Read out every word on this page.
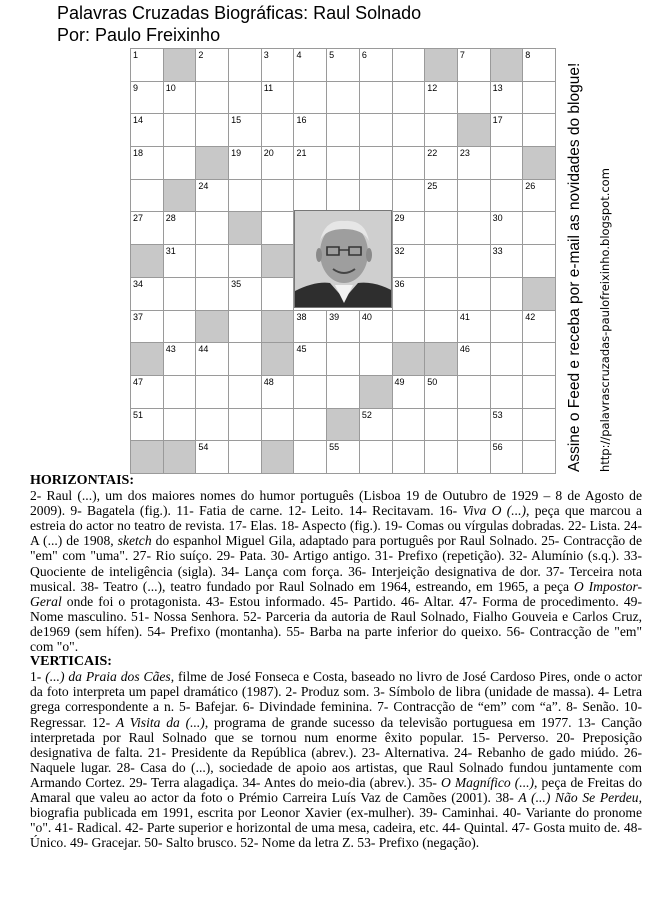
Palavras Cruzadas Biográficas: Raul Solnado
Por: Paulo Freixinho
1	2	3	4	5	6	7	8
9	10	11	12	13
14	15	16	17
18	19	20	21	22	23
24	25	26
27	28	29	30
31	32	33
34	35	36
37	38	39	40	41	42
43	44	45	46
47	48	49	50
51	52	53
54	55	56	Assine o Feed e receba por e-mail as novidades do blogue! http://palavrascruzadas-paulofreixinho.blogspot.com
HORIZONTAIS:
2- Raul (...), um dos maiores nomes do humor português (Lisboa 19 de Outubro de 1929 – 8 de Agosto de 2009). 9- Bagatela (fig.). 11- Fatia de carne. 12- Leito. 14- Recitavam. 16- Viva O (...), peça que marcou a estreia do actor no teatro de revista. 17- Elas. 18- Aspecto (fig.). 19- Comas ou vírgulas dobradas. 22- Lista. 24- A (...) de 1908, sketch do espanhol Miguel Gila, adaptado para português por Raul Solnado. 25- Contracção de "em" com "uma". 27- Rio suíço. 29- Pata. 30- Artigo antigo. 31- Prefixo (repetição). 32- Alumínio (s.q.). 33- Quociente de inteligência (sigla). 34- Lança com força. 36- Interjeição designativa de dor. 37- Terceira nota musical. 38- Teatro (...), teatro fundado por Raul Solnado em 1964, estreando, em 1965, a peça O Impostor-Geral onde foi o protagonista. 43- Estou informado. 45- Partido. 46- Altar. 47- Forma de procedimento. 49- Nome masculino. 51- Nossa Senhora. 52- Parceria da autoria de Raul Solnado, Fialho Gouveia e Carlos Cruz, de1969 (sem hífen). 54- Prefixo (montanha). 55- Barba na parte inferior do queixo. 56- Contracção de "em" com "o".
VERTICAIS:
1- (...) da Praia dos Cães, filme de José Fonseca e Costa, baseado no livro de José Cardoso Pires, onde o actor da foto interpreta um papel dramático (1987). 2- Produz som. 3- Símbolo de libra (unidade de massa). 4- Letra grega correspondente a n. 5- Bafejar. 6- Divindade feminina. 7- Contracção de “em” com “a”. 8- Senão. 10- Regressar. 12- A Visita da (...), programa de grande sucesso da televisão portuguesa em 1977. 13- Canção interpretada por Raul Solnado que se tornou num enorme êxito popular. 15- Perverso. 20- Preposição designativa de falta. 21- Presidente da República (abrev.). 23- Alternativa. 24- Rebanho de gado miúdo. 26- Naquele lugar. 28- Casa do (...), sociedade de apoio aos artistas, que Raul Solnado fundou juntamente com Armando Cortez. 29- Terra alagadiça. 34- Antes do meio-dia (abrev.). 35- O Magnífico (...), peça de Freitas do Amaral que valeu ao actor da foto o Prémio Carreira Luís Vaz de Camões (2001). 38- A (...) Não Se Perdeu, biografia publicada em 1991, escrita por Leonor Xavier (ex-mulher). 39- Caminhai. 40- Variante do pronome "o". 41- Radical. 42- Parte superior e horizontal de uma mesa, cadeira, etc. 44- Quintal. 47- Gosta muito de. 48- Único. 49- Gracejar. 50- Salto brusco. 52- Nome da letra Z. 53- Prefixo (negação).
